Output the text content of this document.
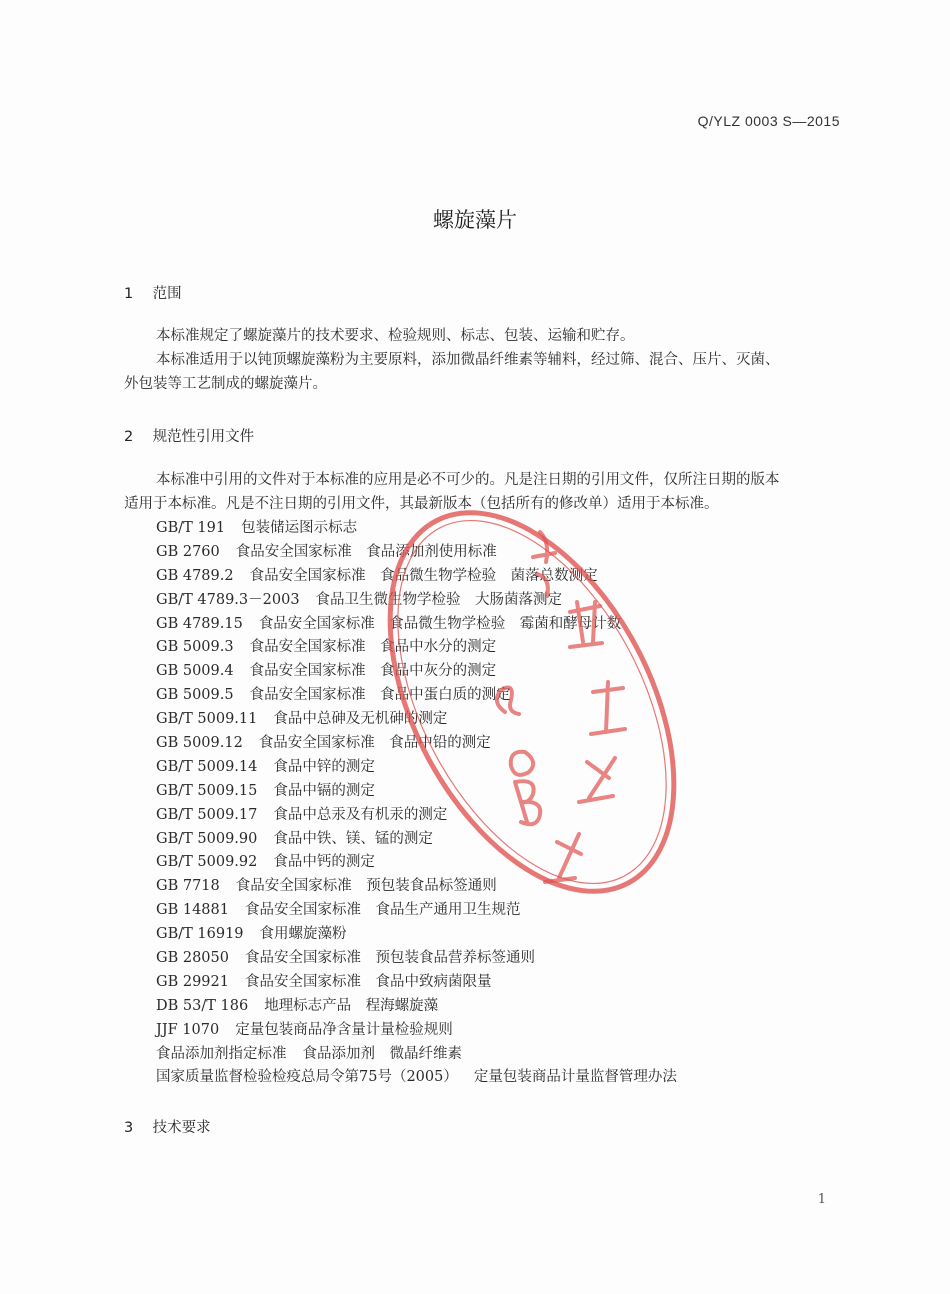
Q/YLZ 0003 S—2015
螺旋藻片
1 范围
本标准规定了螺旋藻片的技术要求、检验规则、标志、包装、运输和贮存。
本标准适用于以钝顶螺旋藻粉为主要原料，添加微晶纤维素等辅料，经过筛、混合、压片、灭菌、
外包装等工艺制成的螺旋藻片。
2 规范性引用文件
本标准中引用的文件对于本标准的应用是必不可少的。凡是注日期的引用文件，仅所注日期的版本
适用于本标准。凡是不注日期的引用文件，其最新版本（包括所有的修改单）适用于本标准。
GB/T 191 包装储运图示标志
GB 2760 食品安全国家标准　食品添加剂使用标准
GB 4789.2 食品安全国家标准　食品微生物学检验　菌落总数测定
GB/T 4789.3－2003 食品卫生微生物学检验　大肠菌落测定
GB 4789.15 食品安全国家标准　食品微生物学检验　霉菌和酵母计数
GB 5009.3 食品安全国家标准　食品中水分的测定
GB 5009.4 食品安全国家标准　食品中灰分的测定
GB 5009.5 食品安全国家标准　食品中蛋白质的测定
GB/T 5009.11 食品中总砷及无机砷的测定
GB 5009.12 食品安全国家标准　食品中铅的测定
GB/T 5009.14 食品中锌的测定
GB/T 5009.15 食品中镉的测定
GB/T 5009.17 食品中总汞及有机汞的测定
GB/T 5009.90 食品中铁、镁、锰的测定
GB/T 5009.92 食品中钙的测定
GB 7718 食品安全国家标准　预包装食品标签通则
GB 14881 食品安全国家标准　食品生产通用卫生规范
GB/T 16919 食用螺旋藻粉
GB 28050 食品安全国家标准　预包装食品营养标签通则
GB 29921 食品安全国家标准　食品中致病菌限量
DB 53/T 186 地理标志产品　程海螺旋藻
JJF 1070 定量包装商品净含量计量检验规则
食品添加剂指定标准 食品添加剂　微晶纤维素
国家质量监督检验检疫总局令第75号（2005） 定量包装商品计量监督管理办法
3 技术要求
1
